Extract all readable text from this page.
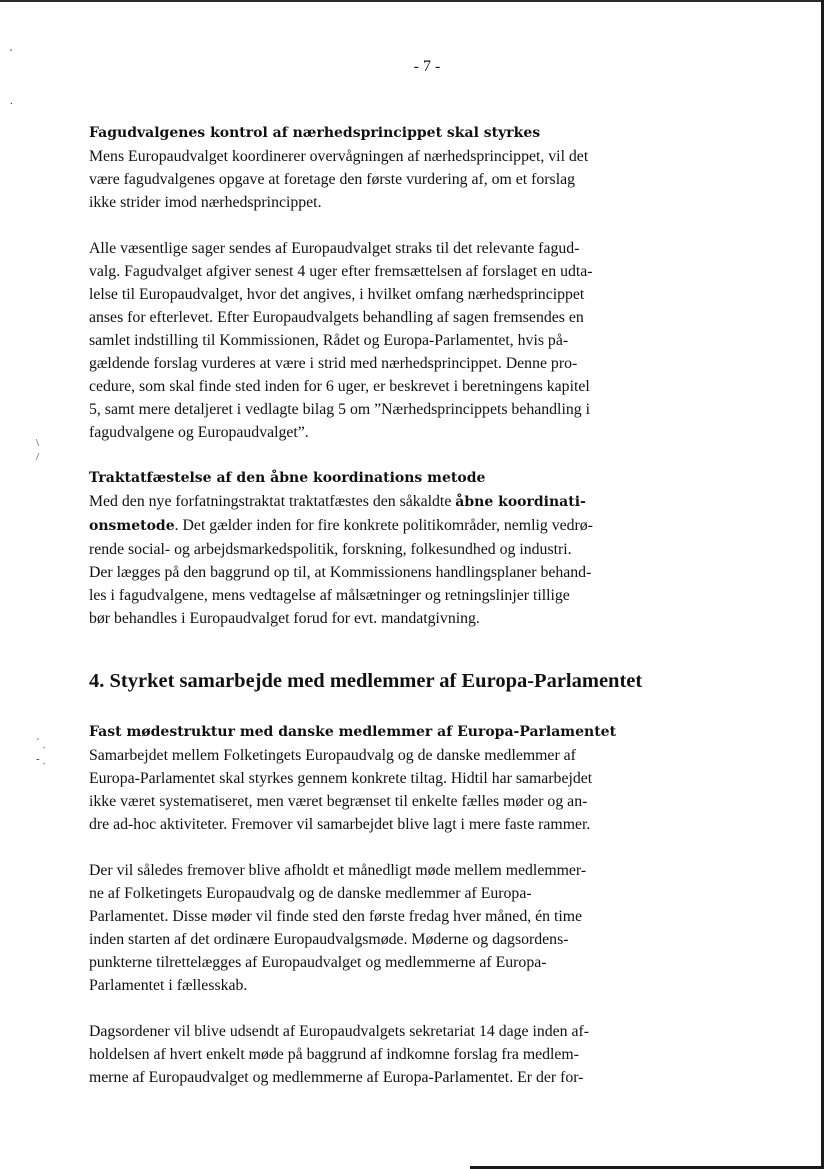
'
.
\
/
´ ˎ
- ˏ
- 7 -
Fagudvalgenes kontrol af nærhedsprincippet skal styrkes
Mens Europaudvalget koordinerer overvågningen af nærhedsprincippet, vil det
være fagudvalgenes opgave at foretage den første vurdering af, om et forslag
ikke strider imod nærhedsprincippet.
Alle væsentlige sager sendes af Europaudvalget straks til det relevante fagud-
valg. Fagudvalget afgiver senest 4 uger efter fremsættelsen af forslaget en udta-
lelse til Europaudvalget, hvor det angives, i hvilket omfang nærhedsprincippet
anses for efterlevet. Efter Europaudvalgets behandling af sagen fremsendes en
samlet indstilling til Kommissionen, Rådet og Europa-Parlamentet, hvis på-
gældende forslag vurderes at være i strid med nærhedsprincippet. Denne pro-
cedure, som skal finde sted inden for 6 uger, er beskrevet i beretningens kapitel
5, samt mere detaljeret i vedlagte bilag 5 om ”Nærhedsprincippets behandling i
fagudvalgene og Europaudvalget”.
Traktatfæstelse af den åbne koordinations metode
Med den nye forfatningstraktat traktatfæstes den såkaldte åbne koordinati-
onsmetode. Det gælder inden for fire konkrete politikområder, nemlig vedrø-
rende social- og arbejdsmarkedspolitik, forskning, folkesundhed og industri.
Der lægges på den baggrund op til, at Kommissionens handlingsplaner behand-
les i fagudvalgene, mens vedtagelse af målsætninger og retningslinjer tillige
bør behandles i Europaudvalget forud for evt. mandatgivning.
4. Styrket samarbejde med medlemmer af Europa-Parlamentet
Fast mødestruktur med danske medlemmer af Europa-Parlamentet
Samarbejdet mellem Folketingets Europaudvalg og de danske medlemmer af
Europa-Parlamentet skal styrkes gennem konkrete tiltag. Hidtil har samarbejdet
ikke været systematiseret, men været begrænset til enkelte fælles møder og an-
dre ad-hoc aktiviteter. Fremover vil samarbejdet blive lagt i mere faste rammer.
Der vil således fremover blive afholdt et månedligt møde mellem medlemmer-
ne af Folketingets Europaudvalg og de danske medlemmer af Europa-
Parlamentet. Disse møder vil finde sted den første fredag hver måned, én time
inden starten af det ordinære Europaudvalgsmøde. Møderne og dagsordens-
punkterne tilrettelægges af Europaudvalget og medlemmerne af Europa-
Parlamentet i fællesskab.
Dagsordener vil blive udsendt af Europaudvalgets sekretariat 14 dage inden af-
holdelsen af hvert enkelt møde på baggrund af indkomne forslag fra medlem-
merne af Europaudvalget og medlemmerne af Europa-Parlamentet. Er der for-
